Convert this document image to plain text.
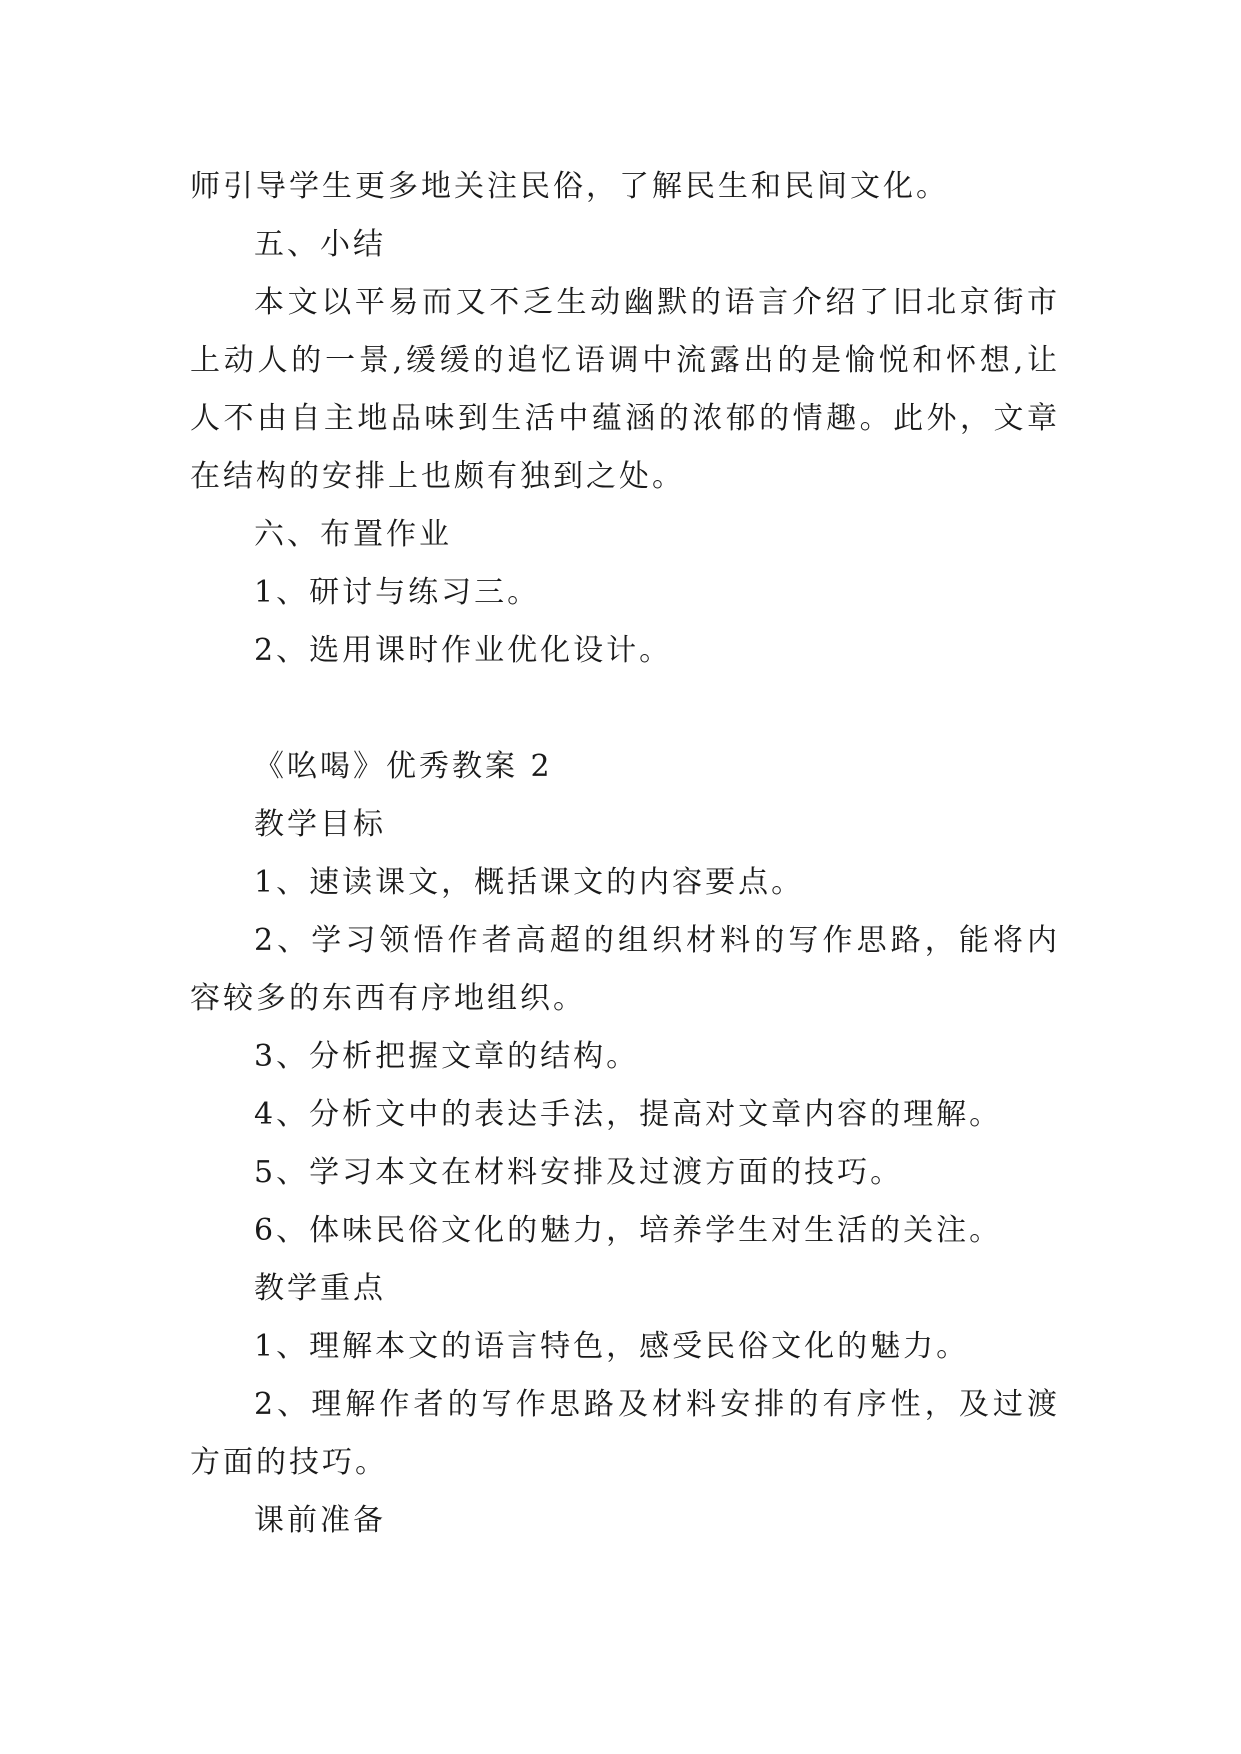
师引导学生更多地关注民俗，了解民生和民间文化。

五、小结

本文以平易而又不乏生动幽默的语言介绍了旧北京街市上动人的一景,缓缓的追忆语调中流露出的是愉悦和怀想,让人不由自主地品味到生活中蕴涵的浓郁的情趣。此外，文章在结构的安排上也颇有独到之处。

六、布置作业

1、研讨与练习三。

2、选用课时作业优化设计。

《吆喝》优秀教案 2

教学目标

1、速读课文，概括课文的内容要点。

2、学习领悟作者高超的组织材料的写作思路，能将内容较多的东西有序地组织。

3、分析把握文章的结构。

4、分析文中的表达手法，提高对文章内容的理解。

5、学习本文在材料安排及过渡方面的技巧。

6、体味民俗文化的魅力，培养学生对生活的关注。

教学重点

1、理解本文的语言特色，感受民俗文化的魅力。

2、理解作者的写作思路及材料安排的有序性，及过渡方面的技巧。

课前准备
